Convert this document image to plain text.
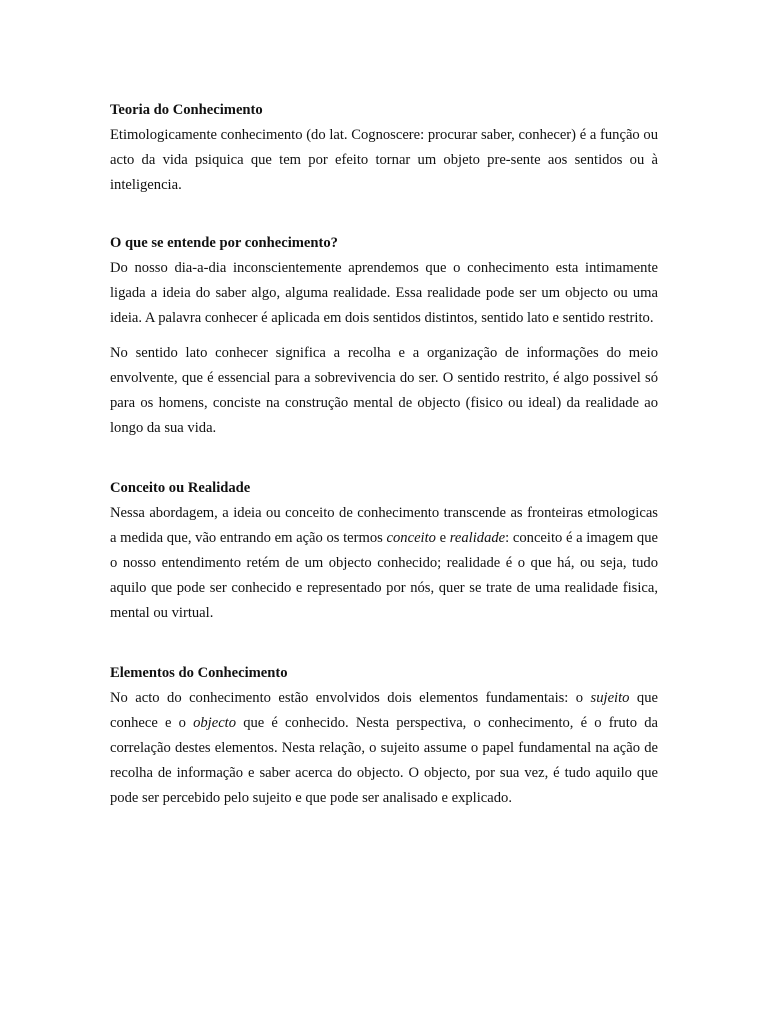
Teoria do Conhecimento

Etimologicamente conhecimento (do lat. Cognoscere: procurar saber, conhecer) é a função ou acto da vida psiquica que tem por efeito tornar um objeto pre-sente aos sentidos ou à inteligencia.

O que se entende por conhecimento?

Do nosso dia-a-dia inconscientemente aprendemos que o conhecimento esta intimamente ligada a ideia do saber algo, alguma realidade. Essa realidade pode ser um objecto ou uma ideia. A palavra conhecer é aplicada em dois sentidos distintos, sentido lato e sentido restrito.

No sentido lato conhecer significa a recolha e a organização de informações do meio envolvente, que é essencial para a sobrevivencia do ser. O sentido restrito, é algo possivel só para os homens, conciste na construção mental de objecto (fisico ou ideal) da realidade ao longo da sua vida.

Conceito ou Realidade

Nessa abordagem, a ideia ou conceito de conhecimento transcende as fronteiras etmologicas a medida que, vão entrando em ação os termos conceito e realidade: conceito é a imagem que o nosso entendimento retém de um objecto conhecido; realidade é o que há, ou seja, tudo aquilo que pode ser conhecido e representado por nós, quer se trate de uma realidade fisica, mental ou virtual.

Elementos do Conhecimento

No acto do conhecimento estão envolvidos dois elementos fundamentais: o sujeito que conhece e o objecto que é conhecido. Nesta perspectiva, o conhecimento, é o fruto da correlação destes elementos. Nesta relação, o sujeito assume o papel fundamental na ação de recolha de informação e saber acerca do objecto. O objecto, por sua vez, é tudo aquilo que pode ser percebido pelo sujeito e que pode ser analisado e explicado.
